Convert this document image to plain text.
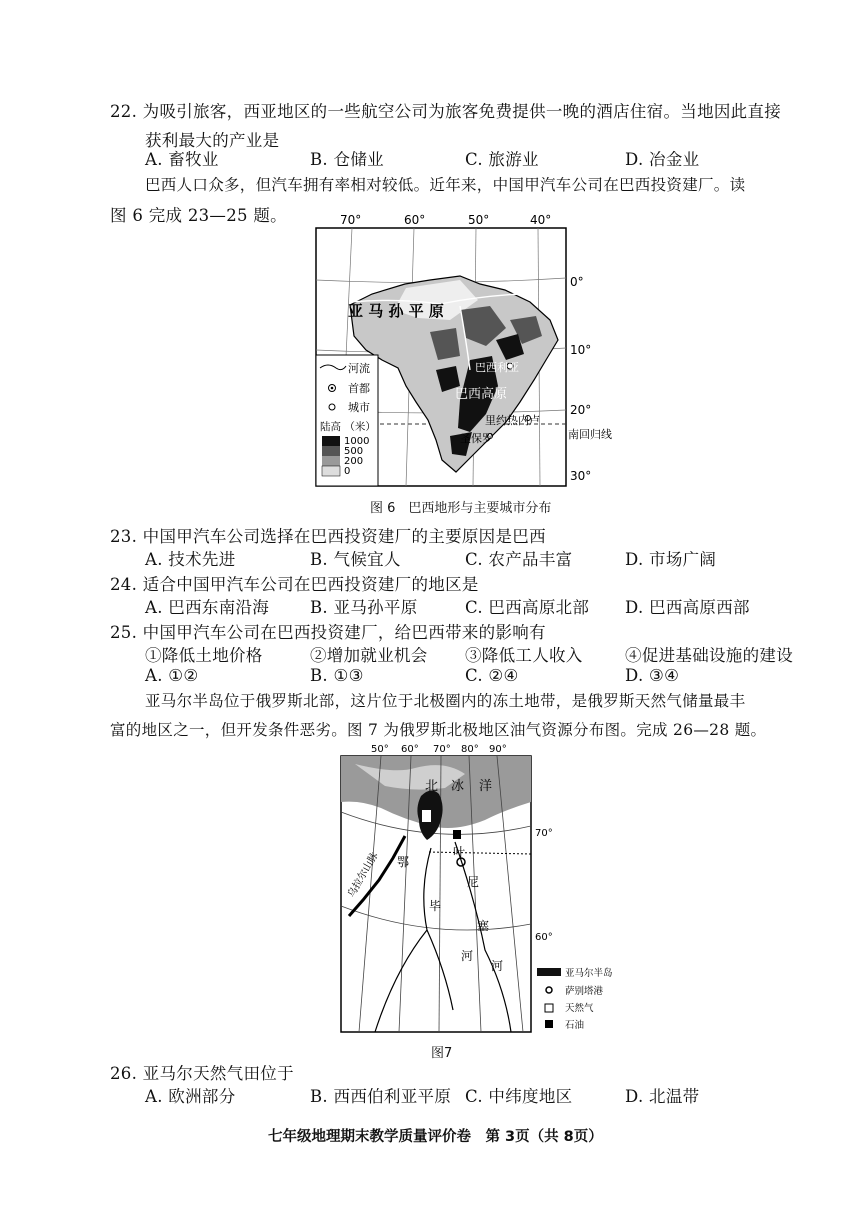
22. 为吸引旅客，西亚地区的一些航空公司为旅客免费提供一晚的酒店住宿。当地因此直接
获利最大的产业是
A. 畜牧业	B. 仓储业	C. 旅游业	D. 冶金业
巴西人口众多，但汽车拥有率相对较低。近年来，中国甲汽车公司在巴西投资建厂。读
图 6 完成 23—25 题。	70°	60°	50°	40°
亚 马 孙 平 原
巴西利亚
巴西高原
里约热内卢
圣保罗	南回归线
0°
10°
20°
30°
河流
首都
城市
陆高 （米）
1000
500
200
0
图 6　巴西地形与主要城市分布
23. 中国甲汽车公司选择在巴西投资建厂的主要原因是巴西
A. 技术先进	B. 气候宜人	C. 农产品丰富	D. 市场广阔
24. 适合中国甲汽车公司在巴西投资建厂的地区是
A. 巴西东南沿海 B. 亚马孙平原	C. 巴西高原北部 D. 巴西高原西部
25. 中国甲汽车公司在巴西投资建厂，给巴西带来的影响有
①降低土地价格	②增加就业机会 ③降低工人收入	④促进基础设施的建设
A. ①②	B. ①③	C. ②④	D. ③④
亚马尔半岛位于俄罗斯北部，这片位于北极圈内的冻土地带，是俄罗斯天然气储量最丰
富的地区之一，但开发条件恶劣。图 7 为俄罗斯北极地区油气资源分布图。完成 26—28 题。
50° 60° 70° 80° 90°
北 冰 洋
70°
60°
乌拉尔山脉 鄂
毕
河
叶
尼
塞
河
亚马尔半岛
萨别塔港
天然气
石油
图7
26. 亚马尔天然气田位于
A. 欧洲部分	B. 西西伯利亚平原 C. 中纬度地区	D. 北温带
七年级地理期末教学质量评价卷　第 3页（共 8页）
